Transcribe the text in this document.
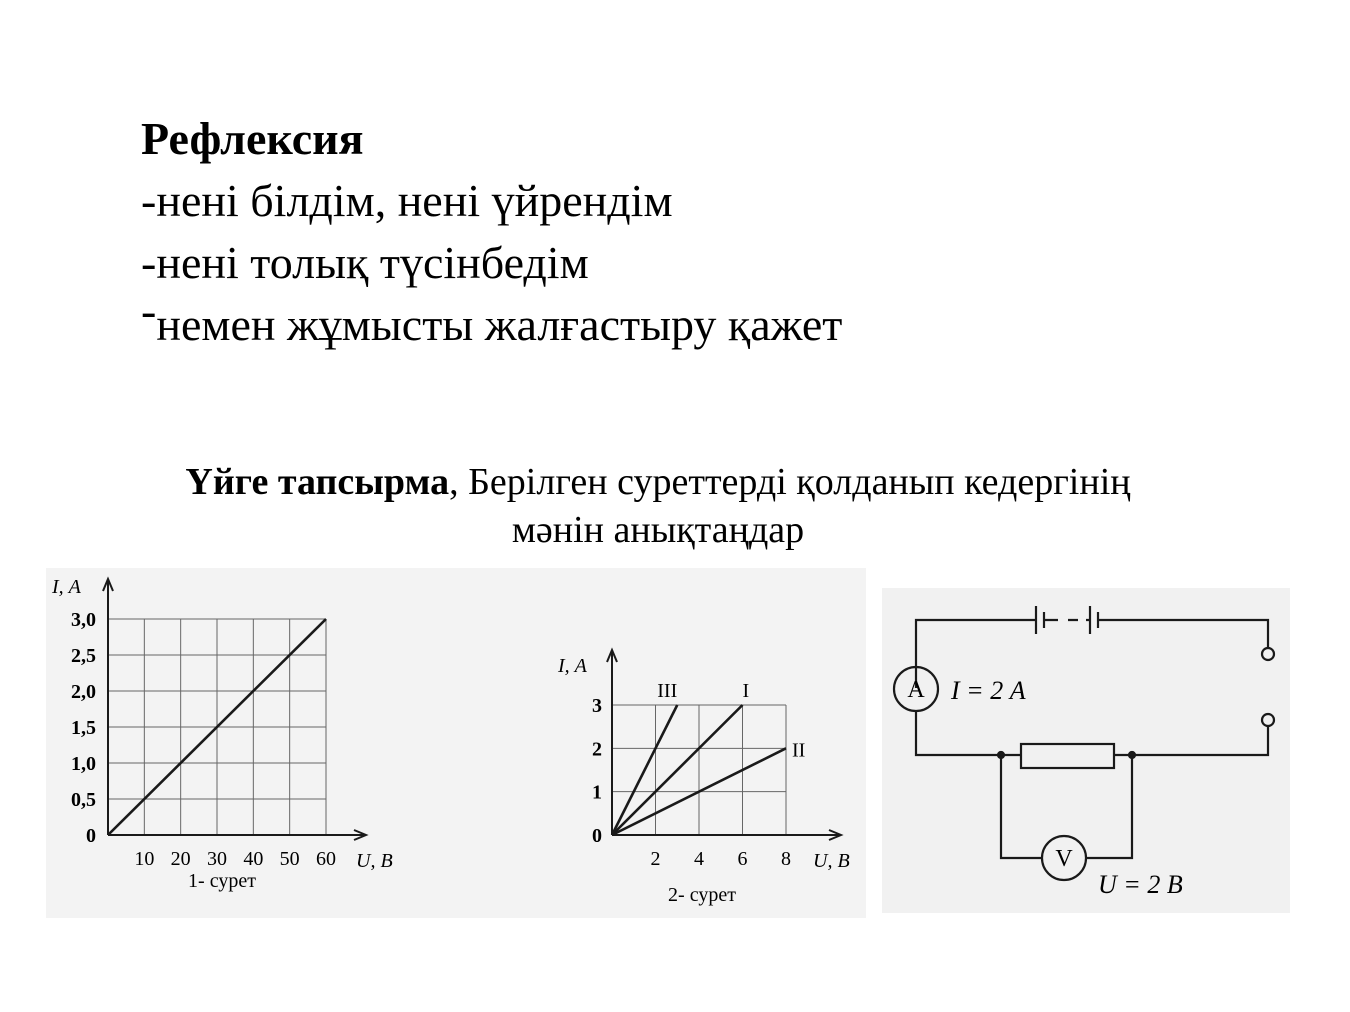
Рефлексия
-нені білдім, нені үйрендім
-нені толық түсінбедім
-немен жұмысты жалғастыру қажет
Үйге тапсырма, Берілген суреттерді қолданып кедергінің
мәнін анықтаңдар
10 20 30 40 50 60
0
0,5
1,0
1,5
2,0
2,5
3,0
I, А
U, В
1- сурет
2 4 6 8
0
1
2
3
I
II
III
I, А
U, В
2- сурет
A
V
I = 2 А
U = 2 В
